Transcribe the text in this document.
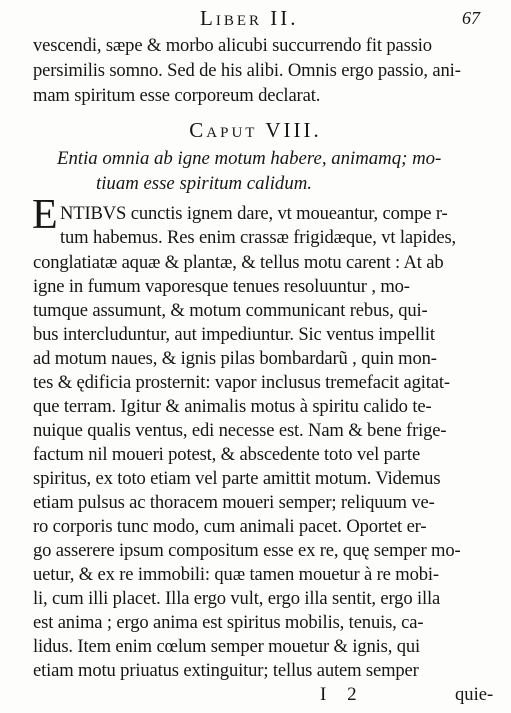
Liber II.	67
vescendi, sæpe & morbo alicubi succurrendo fit passio
persimilis somno. Sed de his alibi. Omnis ergo passio, ani-
mam spiritum esse corporeum declarat.
Caput VIII.
Entia omnia ab igne motum habere, animamq; mo-
tiuam esse spiritum calidum.
E NTIBVS cunctis ignem dare, vt moueantur, compe r-
tum habemus. Res enim crassæ frigidæque, vt lapides,
conglatiatæ aquæ & plantæ, & tellus motu carent : At ab
igne in fumum vaporesque tenues resoluuntur , mo-
tumque assumunt, & motum communicant rebus, qui-
bus intercluduntur, aut impediuntur. Sic ventus impellit
ad motum naues, & ignis pilas bombardarũ , quin mon-
tes & ędificia prosternit: vapor inclusus tremefacit agitat-
que terram. Igitur & animalis motus à spiritu calido te-
nuique qualis ventus, edi necesse est. Nam & bene frige-
factum nil moueri potest, & abscedente toto vel parte
spiritus, ex toto etiam vel parte amittit motum. Videmus
etiam pulsus ac thoracem moueri semper; reliquum ve-
ro corporis tunc modo, cum animali pacet. Oportet er-
go asserere ipsum compositum esse ex re, quę semper mo-
uetur, & ex re immobili: quæ tamen mouetur à re mobi-
li, cum illi placet. Illa ergo vult, ergo illa sentit, ergo illa
est anima ; ergo anima est spiritus mobilis, tenuis, ca-
lidus. Item enim cœlum semper mouetur & ignis, qui
etiam motu priuatus extinguitur; tellus autem semper
I 2	quie-
